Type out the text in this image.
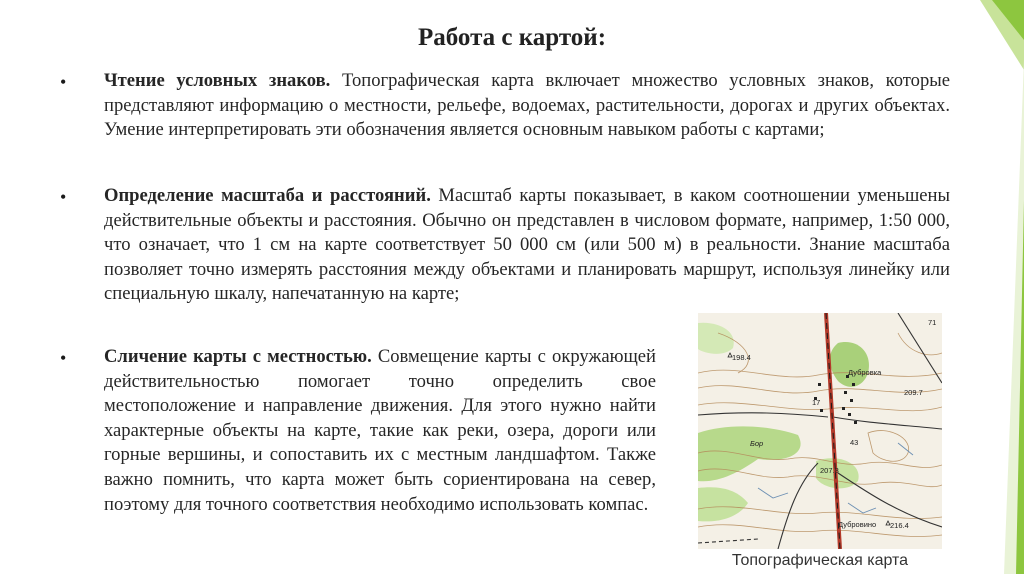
Работа с картой:
• Чтение условных знаков. Топографическая карта включает множество условных знаков, которые представляют информацию о местности, рельефе, водоемах, растительности, дорогах и других объектах. Умение интерпретировать эти обозначения является основным навыком работы с картами;
• Определение масштаба и расстояний. Масштаб карты показывает, в каком соотношении уменьшены действительные объекты и расстояния. Обычно он представлен в числовом формате, например, 1:50 000, что означает, что 1 см на карте соответствует 50 000 см (или 500 м) в реальности. Знание масштаба позволяет точно измерять расстояния между объектами и планировать маршрут, используя линейку или специальную шкалу, напечатанную на карте;
• Сличение карты с местностью. Совмещение карты с окружающей действительностью помогает точно определить свое местоположение и направление движения. Для этого нужно найти характерные объекты на карте, такие как реки, озера, дороги или горные вершины, и сопоставить их с местным ландшафтом. Также важно помнить, что карта может быть сориентирована на север, поэтому для точного соответствия необходимо использовать компас.
Дубровка
Дубровино
Бор
198.4
209.7
216.4
207.8
43
71
17
Топографическая карта
